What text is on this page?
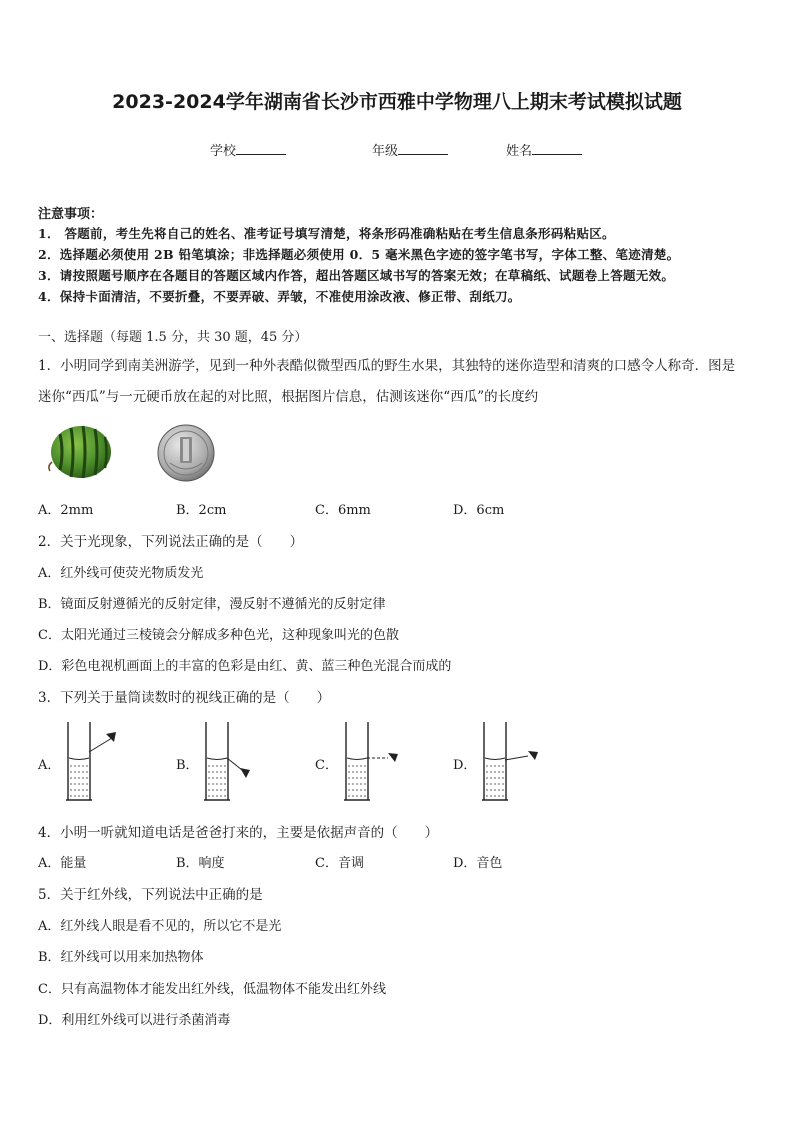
2023-2024学年湖南省长沙市西雅中学物理八上期末考试模拟试题
学校	年级	姓名
注意事项：
1． 答题前，考生先将自己的姓名、准考证号填写清楚，将条形码准确粘贴在考生信息条形码粘贴区。
2．选择题必须使用 2B 铅笔填涂；非选择题必须使用 0．5 毫米黑色字迹的签字笔书写，字体工整、笔迹清楚。
3．请按照题号顺序在各题目的答题区域内作答，超出答题区域书写的答案无效；在草稿纸、试题卷上答题无效。
4．保持卡面清洁，不要折叠，不要弄破、弄皱，不准使用涂改液、修正带、刮纸刀。
一、选择题（每题 1.5 分，共 30 题，45 分）
1．小明同学到南美洲游学，见到一种外表酷似微型西瓜的野生水果，其独特的迷你造型和清爽的口感令人称奇．图是
迷你“西瓜”与一元硬币放在起的对比照，根据图片信息，估测该迷你“西瓜”的长度约
A．2mm	B．2cm	C．6mm	D．6cm
2．关于光现象，下列说法正确的是（　　）
A．红外线可使荧光物质发光
B．镜面反射遵循光的反射定律，漫反射不遵循光的反射定律
C．太阳光通过三棱镜会分解成多种色光，这种现象叫光的色散
D．彩色电视机画面上的丰富的色彩是由红、黄、蓝三种色光混合而成的
3．下列关于量筒读数时的视线正确的是（　　）
A．	B．	C．	D．
4．小明一听就知道电话是爸爸打来的，主要是依据声音的（　　）
A．能量	B．响度	C．音调	D．音色
5．关于红外线，下列说法中正确的是
A．红外线人眼是看不见的，所以它不是光
B．红外线可以用来加热物体
C．只有高温物体才能发出红外线，低温物体不能发出红外线
D．利用红外线可以进行杀菌消毒
